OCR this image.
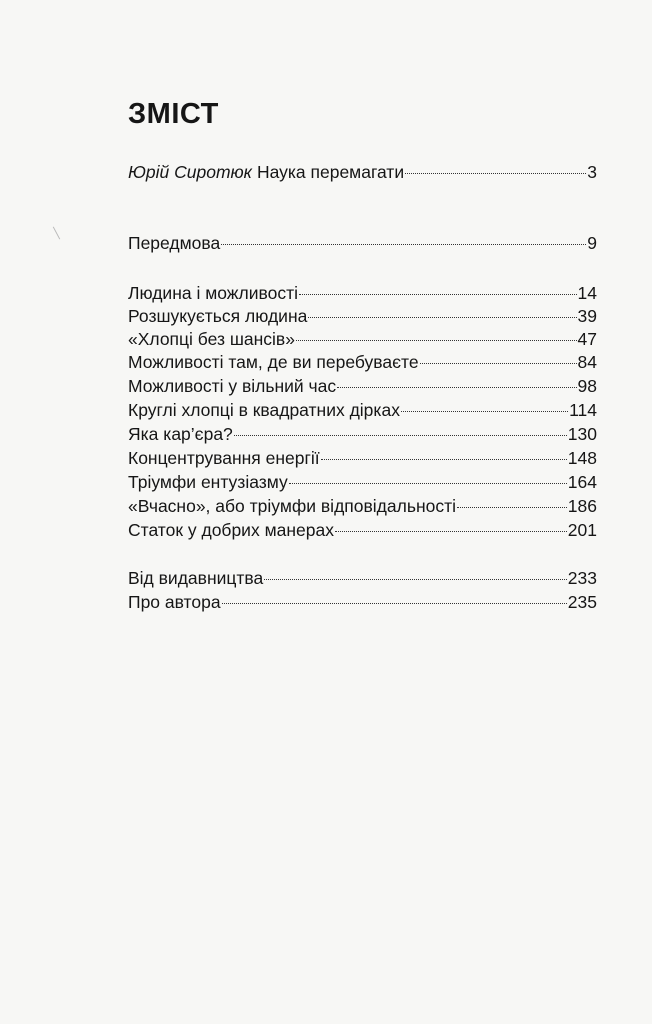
ЗМІСТ
Юрій Сиротюк Наука перемагати	3
Передмова	9
Людина і можливості	14
Розшукується людина	39
«Хлопці без шансів»	47
Можливості там, де ви перебуваєте	84
Можливості у вільний час	98
Круглі хлопці в квадратних дірках	114
Яка кар’єра?	130
Концентрування енергії	148
Тріумфи ентузіазму	164
«Вчасно», або тріумфи відповідальності	186
Статок у добрих манерах	201
Від видавництва	233
Про автора	235
